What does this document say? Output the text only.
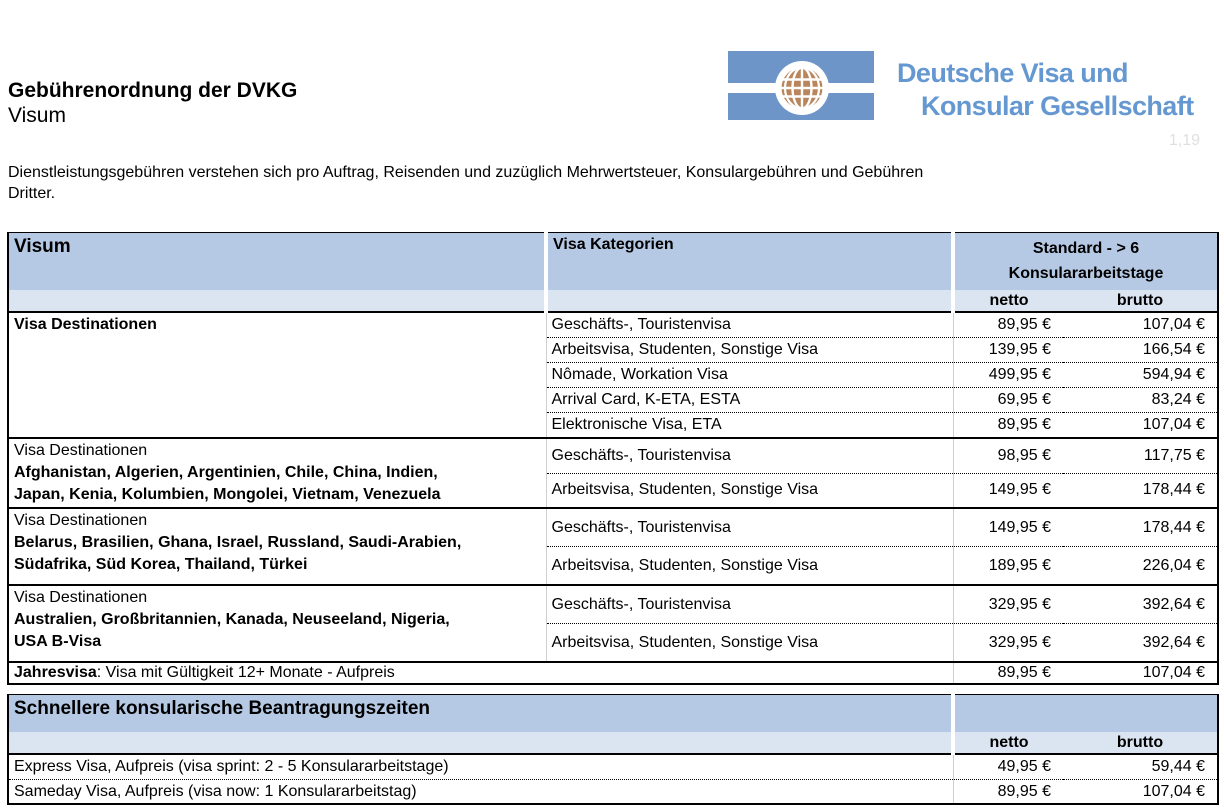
Gebührenordnung der DVKG
Visum
Deutsche Visa und
Konsular Gesellschaft
1,19
Dienstleistungsgebühren verstehen sich pro Auftrag, Reisenden und zuzüglich Mehrwertsteuer, Konsulargebühren und Gebühren
Dritter.
Visum	Visa Kategorien	Standard - > 6
Konsulararbeitstage	

		netto	brutto
Visa Destinationen	Geschäfts-, Touristenvisa	89,95 €	107,04 €
	Arbeitsvisa, Studenten, Sonstige Visa	139,95 €	166,54 €
	Nômade, Workation Visa	499,95 €	594,94 €
	Arrival Card, K-ETA, ESTA	69,95 €	83,24 €
	Elektronische Visa, ETA	89,95 €	107,04 €

Visa Destinationen
Afghanistan, Algerien, Argentinien, Chile, China, Indien,
Japan, Kenia, Kolumbien, Mongolei, Vietnam, Venezuela	Geschäfts-, Touristenvisa	98,95 €	117,75 €
	Arbeitsvisa, Studenten, Sonstige Visa	149,95 €	178,44 €

Visa Destinationen
Belarus, Brasilien, Ghana, Israel, Russland, Saudi-Arabien,
Südafrika, Süd Korea, Thailand, Türkei	Geschäfts-, Touristenvisa	149,95 €	178,44 €
	Arbeitsvisa, Studenten, Sonstige Visa	189,95 €	226,04 €

Visa Destinationen
Australien, Großbritannien, Kanada, Neuseeland, Nigeria,
USA B-Visa	Geschäfts-, Touristenvisa	329,95 €	392,64 €
	Arbeitsvisa, Studenten, Sonstige Visa	329,95 €	392,64 €
Jahresvisa: Visa mit Gültigkeit 12+ Monate - Aufpreis		89,95 €	107,04 €
Schnellere konsularische Beantragungszeiten		
	netto	brutto
Express Visa, Aufpreis (visa sprint: 2 - 5 Konsulararbeitstage)	49,95 €	59,44 €
Sameday Visa, Aufpreis (visa now: 1 Konsulararbeitstag)	89,95 €	107,04 €
